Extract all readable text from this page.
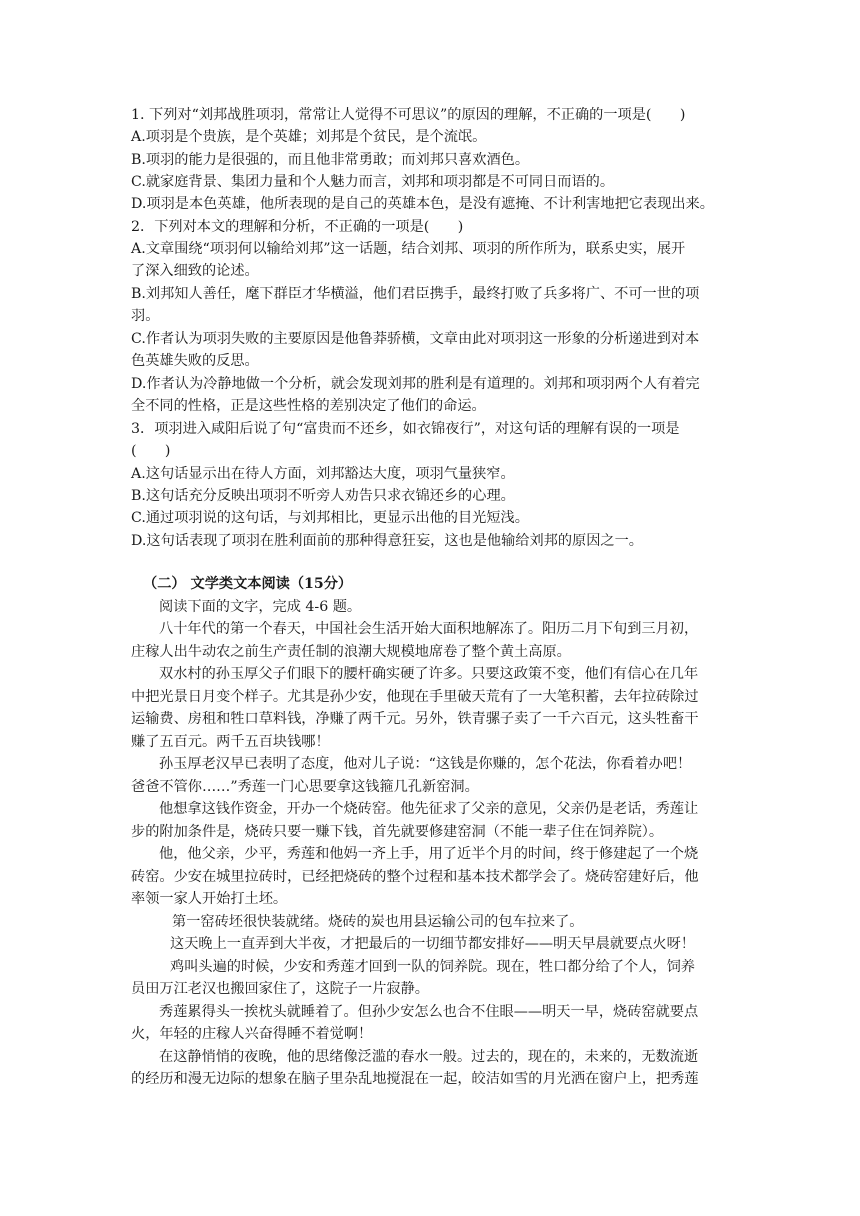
1. 下列对“刘邦战胜项羽，常常让人觉得不可思议”的原因的理解，不正确的一项是(　　)
A.项羽是个贵族，是个英雄；刘邦是个贫民，是个流氓。
B.项羽的能力是很强的，而且他非常勇敢；而刘邦只喜欢酒色。
C.就家庭背景、集团力量和个人魅力而言，刘邦和项羽都是不可同日而语的。
D.项羽是本色英雄，他所表现的是自己的英雄本色，是没有遮掩、不计利害地把它表现出来。
2．下列对本文的理解和分析，不正确的一项是(　　)
A.文章围绕“项羽何以输给刘邦”这一话题，结合刘邦、项羽的所作所为，联系史实，展开
了深入细致的论述。
B.刘邦知人善任，麾下群臣才华横溢，他们君臣携手，最终打败了兵多将广、不可一世的项
羽。
C.作者认为项羽失败的主要原因是他鲁莽骄横，文章由此对项羽这一形象的分析递进到对本
色英雄失败的反思。
D.作者认为冷静地做一个分析，就会发现刘邦的胜利是有道理的。刘邦和项羽两个人有着完
全不同的性格，正是这些性格的差别决定了他们的命运。
3．项羽进入咸阳后说了句“富贵而不还乡，如衣锦夜行”，对这句话的理解有误的一项是
(　　)
A.这句话显示出在待人方面，刘邦豁达大度，项羽气量狭窄。
B.这句话充分反映出项羽不听旁人劝告只求衣锦还乡的心理。
C.通过项羽说的这句话，与刘邦相比，更显示出他的目光短浅。
D.这句话表现了项羽在胜利面前的那种得意狂妄，这也是他输给刘邦的原因之一。
（二） 文学类文本阅读（15分）
阅读下面的文字，完成 4-6 题。
八十年代的第一个春天，中国社会生活开始大面积地解冻了。阳历二月下旬到三月初，
庄稼人出牛动农之前生产责任制的浪潮大规模地席卷了整个黄土高原。
双水村的孙玉厚父子们眼下的腰杆确实硬了许多。只要这政策不变，他们有信心在几年
中把光景日月变个样子。尤其是孙少安，他现在手里破天荒有了一大笔积蓄，去年拉砖除过
运输费、房租和牲口草料钱，净赚了两千元。另外，铁青骡子卖了一千六百元，这头牲畜干
赚了五百元。两千五百块钱哪！
孙玉厚老汉早已表明了态度，他对儿子说：“这钱是你赚的，怎个花法，你看着办吧！
爸爸不管你……”秀莲一门心思要拿这钱箍几孔新窑洞。
他想拿这钱作资金，开办一个烧砖窑。他先征求了父亲的意见，父亲仍是老话，秀莲让
步的附加条件是，烧砖只要一赚下钱，首先就要修建窑洞（不能一辈子住在饲养院）。
他，他父亲，少平，秀莲和他妈一齐上手，用了近半个月的时间，终于修建起了一个烧
砖窑。少安在城里拉砖时，已经把烧砖的整个过程和基本技术都学会了。烧砖窑建好后，他
率领一家人开始打土坯。
第一窑砖坯很快装就绪。烧砖的炭也用县运输公司的包车拉来了。
这天晚上一直弄到大半夜，才把最后的一切细节都安排好——明天早晨就要点火呀！
鸡叫头遍的时候，少安和秀莲才回到一队的饲养院。现在，牲口都分给了个人，饲养
员田万江老汉也搬回家住了，这院子一片寂静。
秀莲累得头一挨枕头就睡着了。但孙少安怎么也合不住眼——明天一早，烧砖窑就要点
火，年轻的庄稼人兴奋得睡不着觉啊！
在这静悄悄的夜晚，他的思绪像泛滥的春水一般。过去的，现在的，未来的，无数流逝
的经历和漫无边际的想象在脑子里杂乱地搅混在一起，皎洁如雪的月光洒在窗户上，把秀莲
